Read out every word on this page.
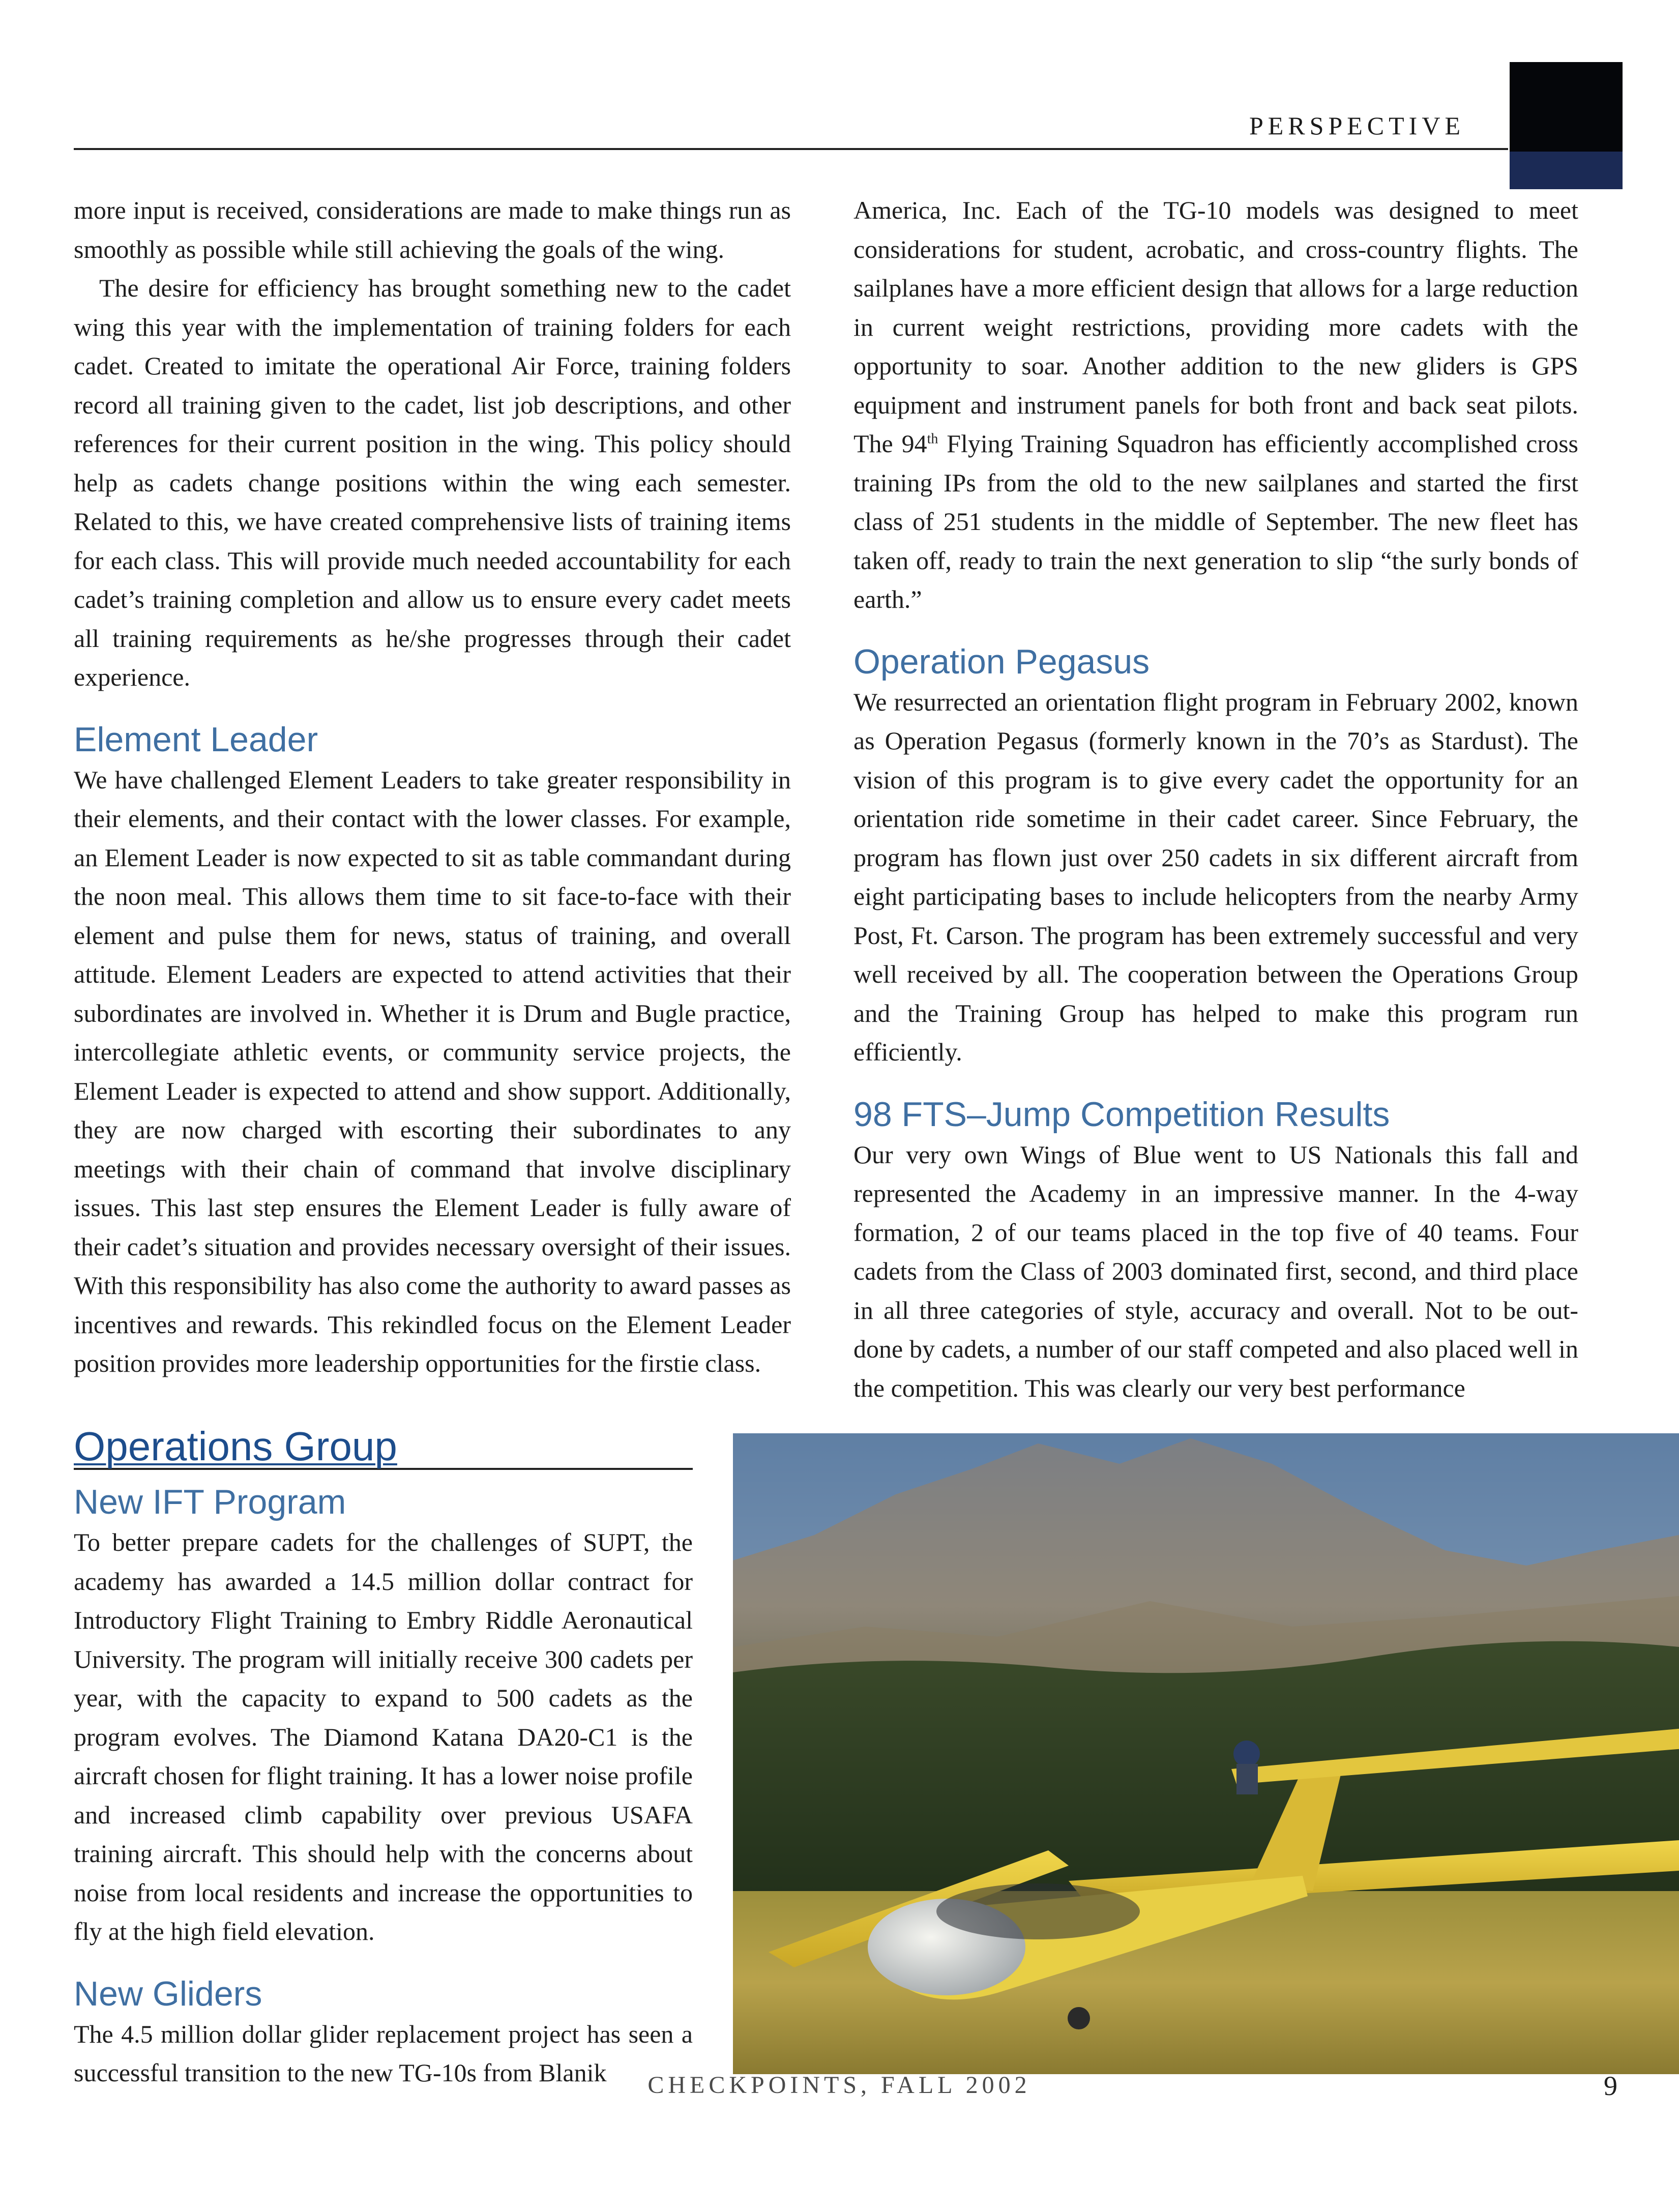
PERSPECTIVE

more input is received, considerations are made to make things run as smoothly as possible while still achieving the goals of the wing.

The desire for efficiency has brought something new to the cadet wing this year with the implementation of training folders for each cadet. Created to imitate the operational Air Force, training folders record all training given to the cadet, list job descriptions, and other references for their current position in the wing. This policy should help as cadets change positions within the wing each semester. Related to this, we have created comprehensive lists of training items for each class. This will provide much needed accountability for each cadet’s training completion and allow us to ensure every cadet meets all training requirements as he/she progresses through their cadet experience.

Element Leader

We have challenged Element Leaders to take greater responsibility in their elements, and their contact with the lower classes. For example, an Element Leader is now expected to sit as table commandant during the noon meal. This allows them time to sit face-to-face with their element and pulse them for news, status of training, and overall attitude. Element Leaders are expected to attend activities that their subordinates are involved in. Whether it is Drum and Bugle practice, intercollegiate athletic events, or community service projects, the Element Leader is expected to attend and show support. Additionally, they are now charged with escorting their subordinates to any meetings with their chain of command that involve disciplinary issues. This last step ensures the Element Leader is fully aware of their cadet’s situation and provides necessary oversight of their issues. With this responsibility has also come the authority to award passes as incentives and rewards. This rekindled focus on the Element Leader position provides more leadership opportunities for the firstie class.

America, Inc. Each of the TG-10 models was designed to meet considerations for student, acrobatic, and cross-country flights. The sailplanes have a more efficient design that allows for a large reduction in current weight restrictions, providing more cadets with the opportunity to soar. Another addition to the new gliders is GPS equipment and instrument panels for both front and back seat pilots. The 94th Flying Training Squadron has efficiently accomplished cross training IPs from the old to the new sailplanes and started the first class of 251 students in the middle of September. The new fleet has taken off, ready to train the next generation to slip “the surly bonds of earth.”

Operation Pegasus

We resurrected an orientation flight program in February 2002, known as Operation Pegasus (formerly known in the 70’s as Stardust). The vision of this program is to give every cadet the opportunity for an orientation ride sometime in their cadet career. Since February, the program has flown just over 250 cadets in six different aircraft from eight participating bases to include helicopters from the nearby Army Post, Ft. Carson. The program has been extremely successful and very well received by all. The cooperation between the Operations Group and the Training Group has helped to make this program run efficiently.

98 FTS–Jump Competition Results

Our very own Wings of Blue went to US Nationals this fall and represented the Academy in an impressive manner. In the 4-way formation, 2 of our teams placed in the top five of 40 teams. Four cadets from the Class of 2003 dominated first, second, and third place in all three categories of style, accuracy and overall. Not to be out-done by cadets, a number of our staff competed and also placed well in the competition. This was clearly our very best performance

Operations Group
New IFT Program

To better prepare cadets for the challenges of SUPT, the academy has awarded a 14.5 million dollar contract for Introductory Flight Training to Embry Riddle Aeronautical University. The program will initially receive 300 cadets per year, with the capacity to expand to 500 cadets as the program evolves. The Diamond Katana DA20-C1 is the aircraft chosen for flight training. It has a lower noise profile and increased climb capability over previous USAFA training aircraft. This should help with the concerns about noise from local residents and increase the opportunities to fly at the high field elevation.

New Gliders

The 4.5 million dollar glider replacement project has seen a successful transition to the new TG-10s from Blanik	CHECKPOINTS, FALL 2002	9
